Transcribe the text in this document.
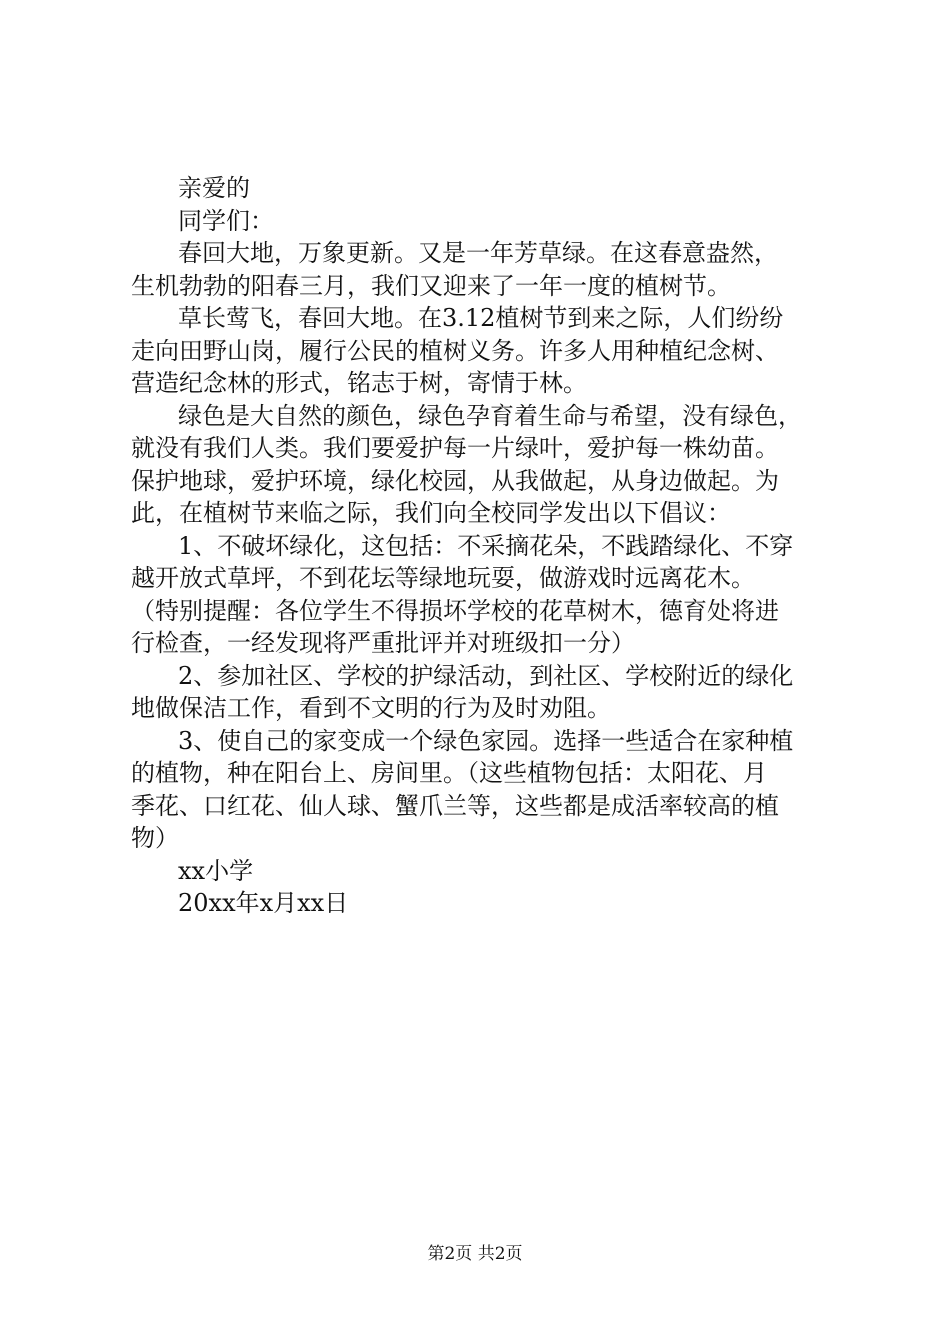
亲爱的

同学们：

春回大地，万象更新。又是一年芳草绿。在这春意盎然，

生机勃勃的阳春三月，我们又迎来了一年一度的植树节。

草长莺飞，春回大地。在3.12植树节到来之际，人们纷纷

走向田野山岗，履行公民的植树义务。许多人用种植纪念树、

营造纪念林的形式，铭志于树，寄情于林。

绿色是大自然的颜色，绿色孕育着生命与希望，没有绿色，

就没有我们人类。我们要爱护每一片绿叶，爱护每一株幼苗。

保护地球，爱护环境，绿化校园，从我做起，从身边做起。为

此，在植树节来临之际，我们向全校同学发出以下倡议：

1、不破坏绿化，这包括：不采摘花朵，不践踏绿化、不穿

越开放式草坪，不到花坛等绿地玩耍，做游戏时远离花木。

（特别提醒：各位学生不得损坏学校的花草树木，德育处将进

行检查，一经发现将严重批评并对班级扣一分）

2、参加社区、学校的护绿活动，到社区、学校附近的绿化

地做保洁工作，看到不文明的行为及时劝阻。

3、使自己的家变成一个绿色家园。选择一些适合在家种植

的植物，种在阳台上、房间里。（这些植物包括：太阳花、月

季花、口红花、仙人球、蟹爪兰等，这些都是成活率较高的植

物）

xx小学

20xx年x月xx日

第2页 共2页
